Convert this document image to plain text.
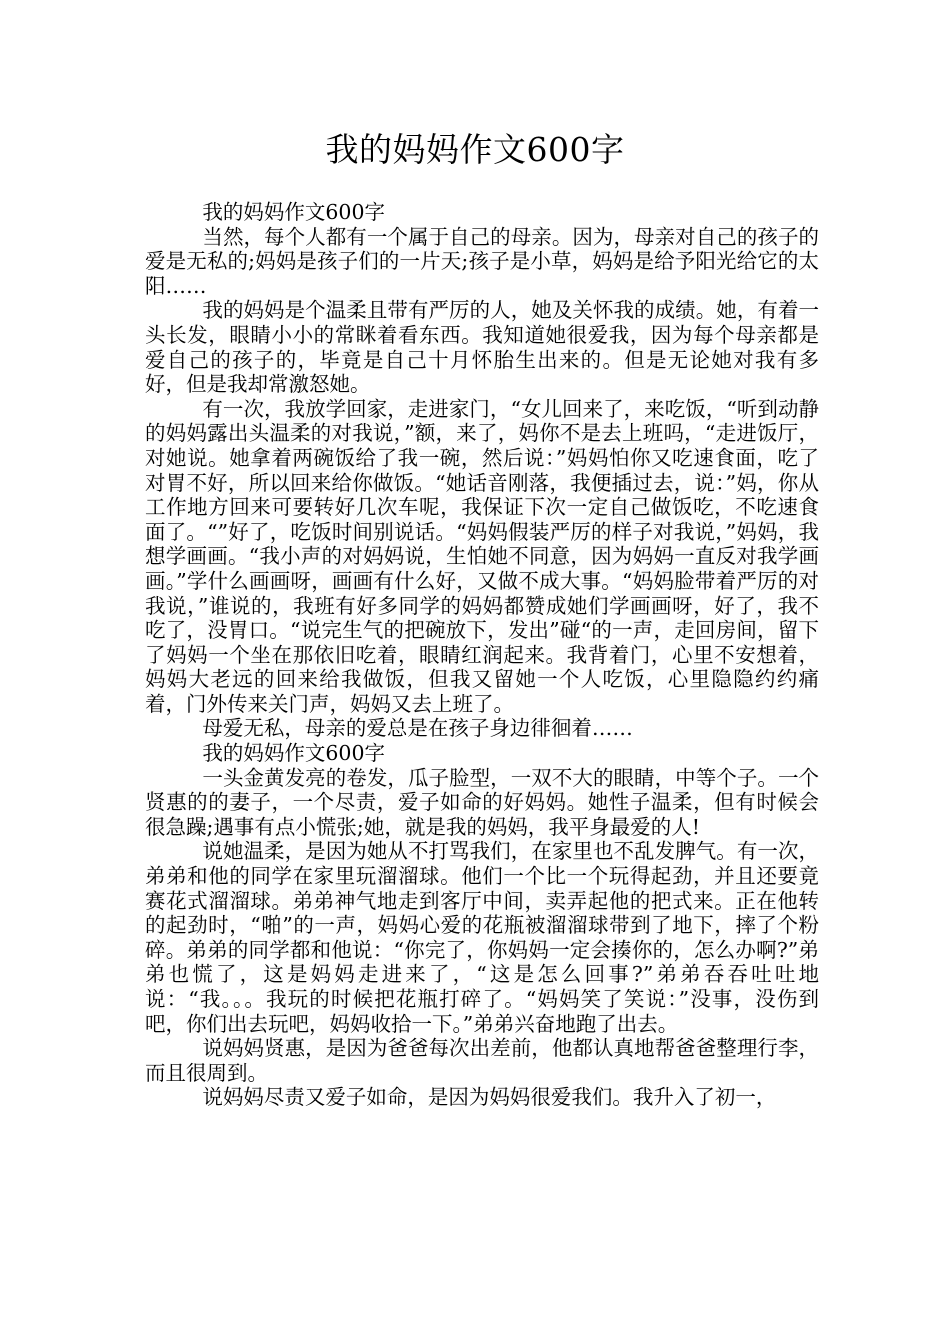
我的妈妈作文600字

我的妈妈作文600字

当然，每个人都有一个属于自己的母亲。因为，母亲对自己的孩子的爱是无私的;妈妈是孩子们的一片天;孩子是小草，妈妈是给予阳光给它的太阳……

我的妈妈是个温柔且带有严厉的人，她及关怀我的成绩。她，有着一头长发，眼睛小小的常眯着看东西。我知道她很爱我，因为每个母亲都是爱自己的孩子的，毕竟是自己十月怀胎生出来的。但是无论她对我有多好，但是我却常激怒她。

有一次，我放学回家，走进家门，“女儿回来了，来吃饭，“听到动静的妈妈露出头温柔的对我说，”额，来了，妈你不是去上班吗，“走进饭厅，对她说。她拿着两碗饭给了我一碗，然后说：”妈妈怕你又吃速食面，吃了对胃不好，所以回来给你做饭。“她话音刚落，我便插过去，说：”妈，你从工作地方回来可要转好几次车呢，我保证下次一定自己做饭吃，不吃速食面了。“”好了，吃饭时间别说话。“妈妈假装严厉的样子对我说，”妈妈，我想学画画。“我小声的对妈妈说，生怕她不同意，因为妈妈一直反对我学画画。”学什么画画呀，画画有什么好，又做不成大事。“妈妈脸带着严厉的对我说，”谁说的，我班有好多同学的妈妈都赞成她们学画画呀，好了，我不吃了，没胃口。“说完生气的把碗放下，发出”碰“的一声，走回房间，留下了妈妈一个坐在那依旧吃着，眼睛红润起来。我背着门，心里不安想着，妈妈大老远的回来给我做饭，但我又留她一个人吃饭，心里隐隐约约痛着，门外传来关门声，妈妈又去上班了。

母爱无私，母亲的爱总是在孩子身边徘徊着……

我的妈妈作文600字

一头金黄发亮的卷发，瓜子脸型，一双不大的眼睛，中等个子。一个贤惠的的妻子，一个尽责，爱子如命的好妈妈。她性子温柔，但有时候会很急躁;遇事有点小慌张;她，就是我的妈妈，我平身最爱的人!

说她温柔，是因为她从不打骂我们，在家里也不乱发脾气。有一次，弟弟和他的同学在家里玩溜溜球。他们一个比一个玩得起劲，并且还要竟赛花式溜溜球。弟弟神气地走到客厅中间，卖弄起他的把式来。正在他转的起劲时，“啪”的一声，妈妈心爱的花瓶被溜溜球带到了地下，摔了个粉碎。弟弟的同学都和他说：“你完了，你妈妈一定会揍你的，怎么办啊?”弟弟也慌了，这是妈妈走进来了，“这是怎么回事?”弟弟吞吞吐吐地说：“我。。。我玩的时候把花瓶打碎了。“妈妈笑了笑说：”没事，没伤到吧，你们出去玩吧，妈妈收拾一下。”弟弟兴奋地跑了出去。

说妈妈贤惠，是因为爸爸每次出差前，他都认真地帮爸爸整理行李，而且很周到。

说妈妈尽责又爱子如命，是因为妈妈很爱我们。我升入了初一，
